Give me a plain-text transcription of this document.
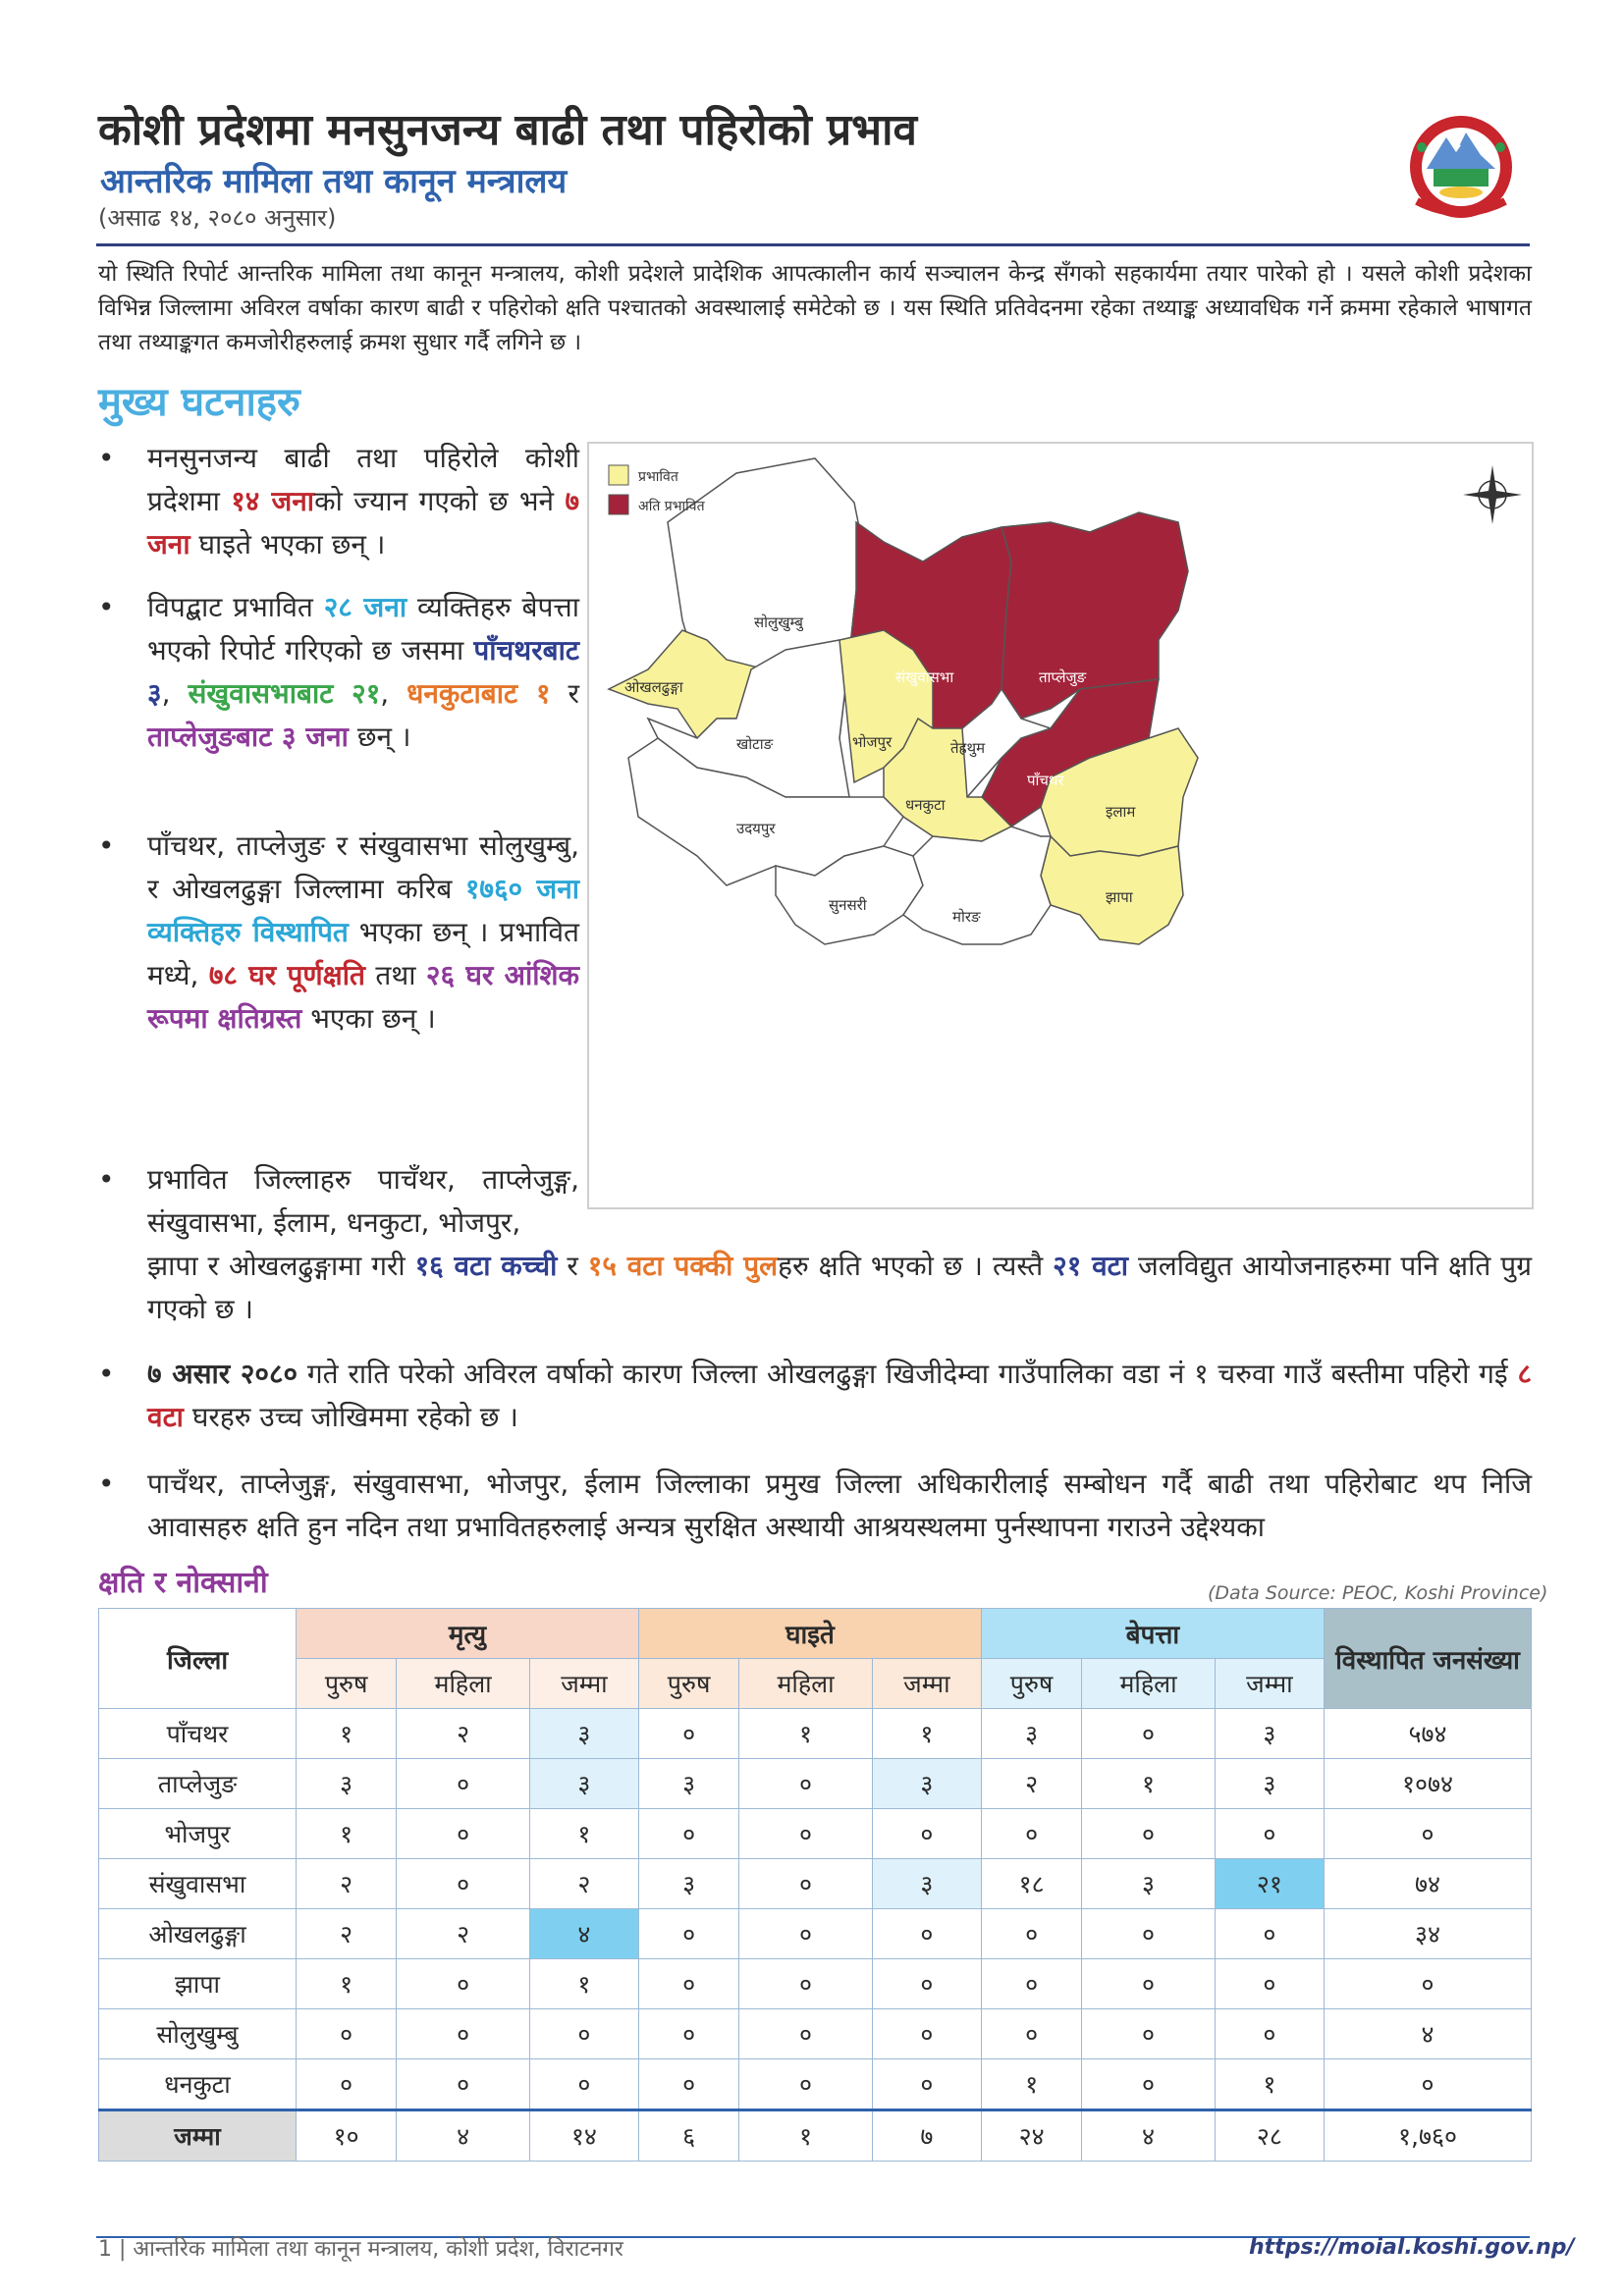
कोशी प्रदेशमा मनसुनजन्य बाढी तथा पहिरोको प्रभाव
आन्तरिक मामिला तथा कानून मन्त्रालय
(असाढ १४, २०८० अनुसार)
यो स्थिति रिपोर्ट आन्तरिक मामिला तथा कानून मन्त्रालय, कोशी प्रदेशले प्रादेशिक आपत्कालीन कार्य सञ्चालन केन्द्र सँगको सहकार्यमा तयार पारेको हो । यसले कोशी प्रदेशका विभिन्न जिल्लामा अविरल वर्षाका कारण बाढी र पहिरोको क्षति पश्चातको अवस्थालाई समेटेको छ । यस स्थिति प्रतिवेदनमा रहेका तथ्याङ्क अध्यावधिक गर्ने क्रममा रहेकाले भाषागत तथा तथ्याङ्कगत कमजोरीहरुलाई क्रमश सुधार गर्दै लगिने छ ।
मुख्य घटनाहरु
• मनसुनजन्य बाढी तथा पहिरोले कोशी प्रदेशमा १४ जनाको ज्यान गएको छ भने ७ जना घाइते भएका छन् ।
• विपद्बाट प्रभावित २८ जना व्यक्तिहरु बेपत्ता भएको रिपोर्ट गरिएको छ जसमा पाँचथरबाट ३, संखुवासभाबाट २१, धनकुटाबाट १ र ताप्लेजुङबाट ३ जना छन् ।
• पाँचथर, ताप्लेजुङ र संखुवासभा सोलुखुम्बु, र ओखलढुङ्गा जिल्लामा करिब १७६० जना व्यक्तिहरु विस्थापित भएका छन् । प्रभावित मध्ये, ७८ घर पूर्णक्षति तथा २६ घर आंशिक रूपमा क्षतिग्रस्त भएका छन् ।
• प्रभावित जिल्लाहरु पाचँथर, ताप्लेजुङ्ग, संखुवासभा, ईलाम, धनकुटा, भोजपुर,
झापा र ओखलढुङ्गामा गरी १६ वटा कच्ची र १५ वटा पक्की पुलहरु क्षति भएको छ । त्यस्तै २१ वटा जलविद्युत आयोजनाहरुमा पनि क्षति पुग्र गएको छ ।
• ७ असार २०८० गते राति परेको अविरल वर्षाको कारण जिल्ला ओखलढुङ्गा खिजीदेम्वा गाउँपालिका वडा नं १ चरुवा गाउँ बस्तीमा पहिरो गई ८ वटा घरहरु उच्च जोखिममा रहेको छ ।
• पाचँथर, ताप्लेजुङ्ग, संखुवासभा, भोजपुर, ईलाम जिल्लाका प्रमुख जिल्ला अधिकारीलाई सम्बोधन गर्दै बाढी तथा पहिरोबाट थप निजि आवासहरु क्षति हुन नदिन तथा प्रभावितहरुलाई अन्यत्र सुरक्षित अस्थायी आश्रयस्थलमा पुर्नस्थापना गराउने उद्देश्यका
प्रभावित
अति प्रभावित
सोलुखुम्बु
संखुवासभा	ताप्लेजुङ
ओखलढुङ्गा
खोटाङ	भोजपुर	तेह्रथुम
पाँचथर
धनकुटा
उदयपुर
इलाम
सुनसरी
मोरङ
झापा
क्षति र नोक्सानी	(Data Source: PEOC, Koshi Province)
जिल्ला	मृत्यु			घाइते			बेपत्ता			विस्थापित जनसंख्या
	पुरुष	महिला	जम्मा	पुरुष	महिला	जम्मा	पुरुष	महिला	जम्मा	
पाँचथर	१	२	३	०	१	१	३	०	३	५७४
ताप्लेजुङ	३	०	३	३	०	३	२	१	३	१०७४
भोजपुर	१	०	१	०	०	०	०	०	०	०
संखुवासभा	२	०	२	३	०	३	१८	३	२१	७४
ओखलढुङ्गा	२	२	४	०	०	०	०	०	०	३४
झापा	१	०	१	०	०	०	०	०	०	०
सोलुखुम्बु	०	०	०	०	०	०	०	०	०	४
धनकुटा	०	०	०	०	०	०	१	०	१	०
जम्मा	१०	४	१४	६	१	७	२४	४	२८	१,७६०
1 | आन्तरिक मामिला तथा कानून मन्त्रालय, कोशी प्रदेश, विराटनगर	https://moial.koshi.gov.np/
